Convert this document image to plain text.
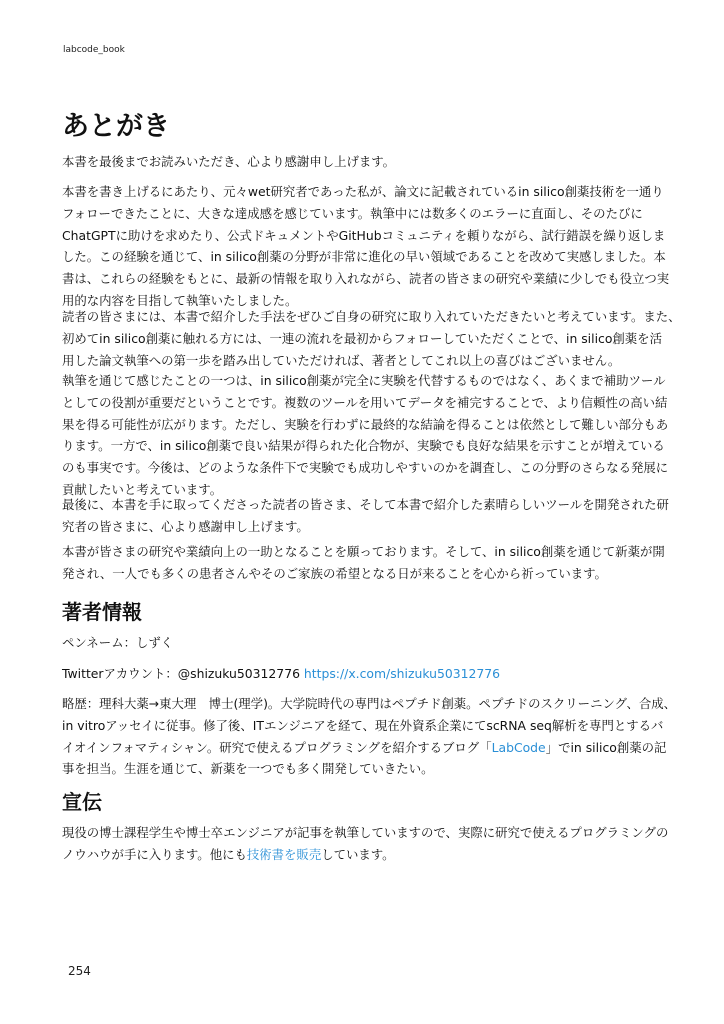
labcode_book
あとがき
本書を最後までお読みいただき、心より感謝申し上げます。
本書を書き上げるにあたり、元々wet研究者であった私が、論文に記載されているin silico創薬技術を一通り
フォローできたことに、大きな達成感を感じています。執筆中には数多くのエラーに直面し、そのたびに
ChatGPTに助けを求めたり、公式ドキュメントやGitHubコミュニティを頼りながら、試行錯誤を繰り返しま
した。この経験を通じて、in silico創薬の分野が非常に進化の早い領域であることを改めて実感しました。本
書は、これらの経験をもとに、最新の情報を取り入れながら、読者の皆さまの研究や業績に少しでも役立つ実
用的な内容を目指して執筆いたしました。
読者の皆さまには、本書で紹介した手法をぜひご自身の研究に取り入れていただきたいと考えています。また、
初めてin silico創薬に触れる方には、一連の流れを最初からフォローしていただくことで、in silico創薬を活
用した論文執筆への第一歩を踏み出していただければ、著者としてこれ以上の喜びはございません。
執筆を通じて感じたことの一つは、in silico創薬が完全に実験を代替するものではなく、あくまで補助ツール
としての役割が重要だということです。複数のツールを用いてデータを補完することで、より信頼性の高い結
果を得る可能性が広がります。ただし、実験を行わずに最終的な結論を得ることは依然として難しい部分もあ
ります。一方で、in silico創薬で良い結果が得られた化合物が、実験でも良好な結果を示すことが増えている
のも事実です。今後は、どのような条件下で実験でも成功しやすいのかを調査し、この分野のさらなる発展に
貢献したいと考えています。
最後に、本書を手に取ってくださった読者の皆さま、そして本書で紹介した素晴らしいツールを開発された研
究者の皆さまに、心より感謝申し上げます。
本書が皆さまの研究や業績向上の一助となることを願っております。そして、in silico創薬を通じて新薬が開
発され、一人でも多くの患者さんやそのご家族の希望となる日が来ることを心から祈っています。
著者情報
ペンネーム：しずく
Twitterアカウント：@shizuku50312776 https://x.com/shizuku50312776
略歴：理科大薬→東大理　博士(理学)。大学院時代の専門はペプチド創薬。ペプチドのスクリーニング、合成、
in vitroアッセイに従事。修了後、ITエンジニアを経て、現在外資系企業にてscRNA seq解析を専門とするバ
イオインフォマティシャン。研究で使えるプログラミングを紹介するブログ「LabCode」でin silico創薬の記
事を担当。生涯を通じて、新薬を一つでも多く開発していきたい。
宣伝
現役の博士課程学生や博士卒エンジニアが記事を執筆していますので、実際に研究で使えるプログラミングの
ノウハウが手に入ります。他にも技術書を販売しています。
254
